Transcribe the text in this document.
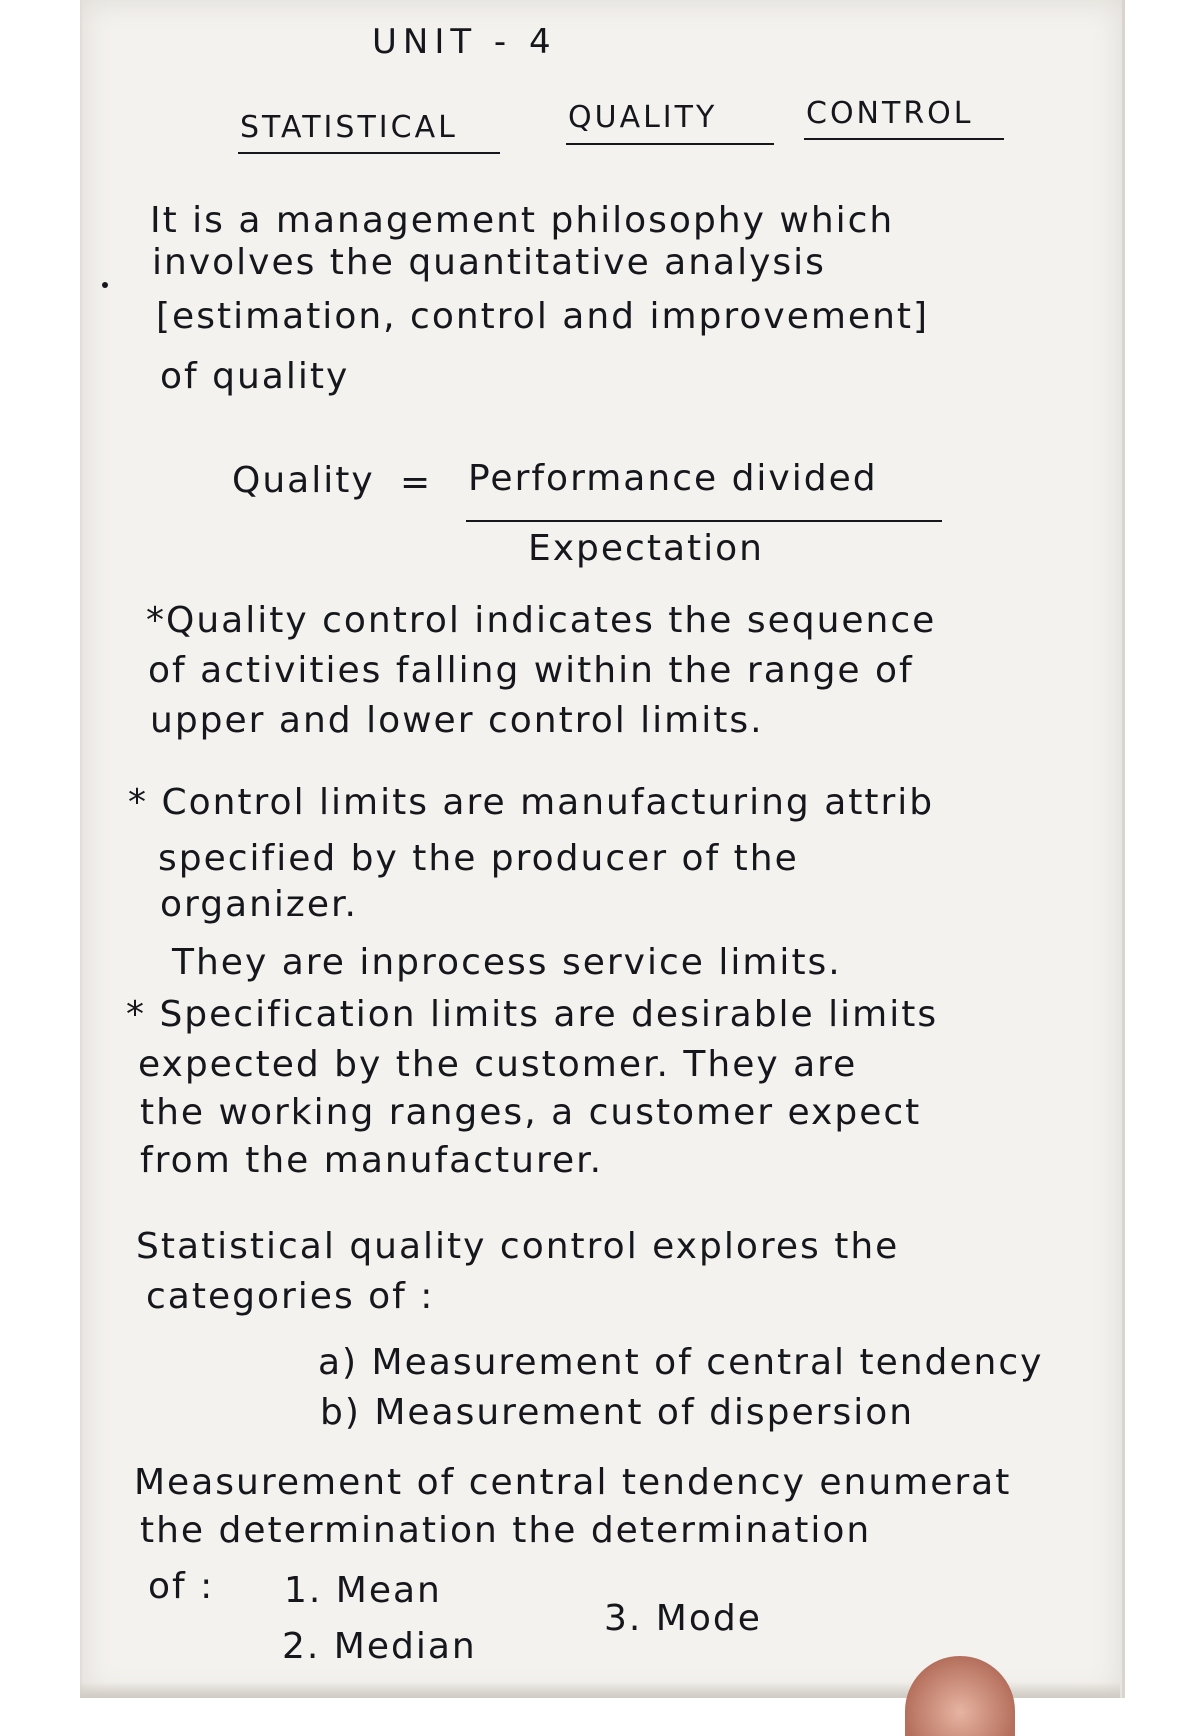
UNIT - 4
STATISTICAL	QUALITY	CONTROL
It is a management philosophy which
involves the quantitative analysis
[estimation, control and improvement]
of quality
Quality = Performance divided
Expectation
*Quality control indicates the sequence
of activities falling within the range of
upper and lower control limits.
* Control limits are manufacturing attrib
specified by the producer of the
organizer.
They are inprocess service limits.
* Specification limits are desirable limits
expected by the customer. They are
the working ranges, a customer expect
from the manufacturer.
Statistical quality control explores the
categories of :
a) Measurement of central tendency
b) Measurement of dispersion
Measurement of central tendency enumerat
the determination the determination
of : 1. Mean
2. Median
3. Mode
